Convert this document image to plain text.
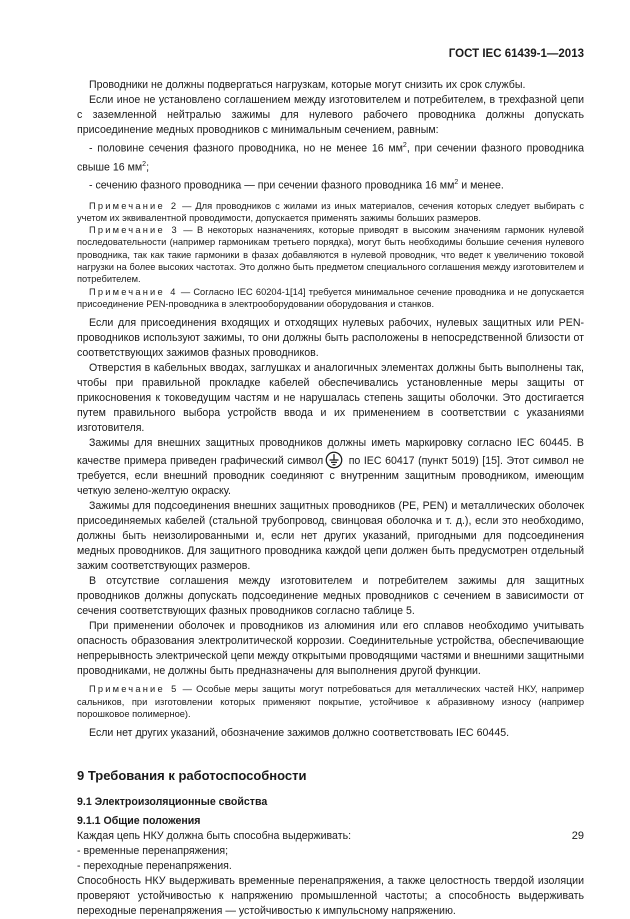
ГОСТ IEC 61439-1—2013

Проводники не должны подвергаться нагрузкам, которые могут снизить их срок службы.

Если иное не установлено соглашением между изготовителем и потребителем, в трехфазной цепи с заземленной нейтралью зажимы для нулевого рабочего проводника должны допускать присоединение медных проводников с минимальным сечением, равным:

- половине сечения фазного проводника, но не менее 16 $мм^2$, при сечении фазного проводника свыше 16 $мм^2$;

- сечению фазного проводника — при сечении фазного проводника 16 $мм^2$ и менее.

Примечание 2 — Для проводников с жилами из иных материалов, сечения которых следует выбирать с учетом их эквивалентной проводимости, допускается применять зажимы больших размеров.

Примечание 3 — В некоторых назначениях, которые приводят в высоким значениям гармоник нулевой последовательности (например гармоникам третьего порядка), могут быть необходимы большие сечения нулевого проводника, так как такие гармоники в фазах добавляются в нулевой проводник, что ведет к увеличению токовой нагрузки на более высоких частотах. Это должно быть предметом специального соглашения между изготовителем и потребителем.

Примечание 4 — Согласно IEC 60204-1[14] требуется минимальное сечение проводника и не допускается присоединение PEN-проводника в электрооборудовании оборудования и станков.

Если для присоединения входящих и отходящих нулевых рабочих, нулевых защитных или PEN-проводников используют зажимы, то они должны быть расположены в непосредственной близости от соответствующих зажимов фазных проводников.

Отверстия в кабельных вводах, заглушках и аналогичных элементах должны быть выполнены так, чтобы при правильной прокладке кабелей обеспечивались установленные меры защиты от прикосновения к токоведущим частям и не нарушалась степень защиты оболочки. Это достигается путем правильного выбора устройств ввода и их применением в соответствии с указаниями изготовителя.

Зажимы для внешних защитных проводников должны иметь маркировку согласно IEC 60445. В качестве примера приведен графический символ по IEC 60417 (пункт 5019) [15]. Этот символ не требуется, если внешний проводник соединяют с внутренним защитным проводником, имеющим четкую зелено-желтую окраску.

Зажимы для подсоединения внешних защитных проводников (PE, PEN) и металлических оболочек присоединяемых кабелей (стальной трубопровод, свинцовая оболочка и т. д.), если это необходимо, должны быть неизолированными и, если нет других указаний, пригодными для подсоединения медных проводников. Для защитного проводника каждой цепи должен быть предусмотрен отдельный зажим соответствующих размеров.

В отсутствие соглашения между изготовителем и потребителем зажимы для защитных проводников должны допускать подсоединение медных проводников с сечением в зависимости от сечения соответствующих фазных проводников согласно таблице 5.

При применении оболочек и проводников из алюминия или его сплавов необходимо учитывать опасность образования электролитической коррозии. Соединительные устройства, обеспечивающие непрерывность электрической цепи между открытыми проводящими частями и внешними защитными проводниками, не должны быть предназначены для выполнения другой функции.

Примечание 5 — Особые меры защиты могут потребоваться для металлических частей НКУ, например сальников, при изготовлении которых применяют покрытие, устойчивое к абразивному износу (например порошковое полимерное).

Если нет других указаний, обозначение зажимов должно соответствовать IEC 60445.

9 Требования к работоспособности
9.1 Электроизоляционные свойства
9.1.1 Общие положения

Каждая цепь НКУ должна быть способна выдерживать:

- временные перенапряжения;

- переходные перенапряжения.

Способность НКУ выдерживать временные перенапряжения, а также целостность твердой изоляции проверяют устойчивостью к напряжению промышленной частоты; а способность выдерживать переходные перенапряжения — устойчивостью к импульсному напряжению.

29
